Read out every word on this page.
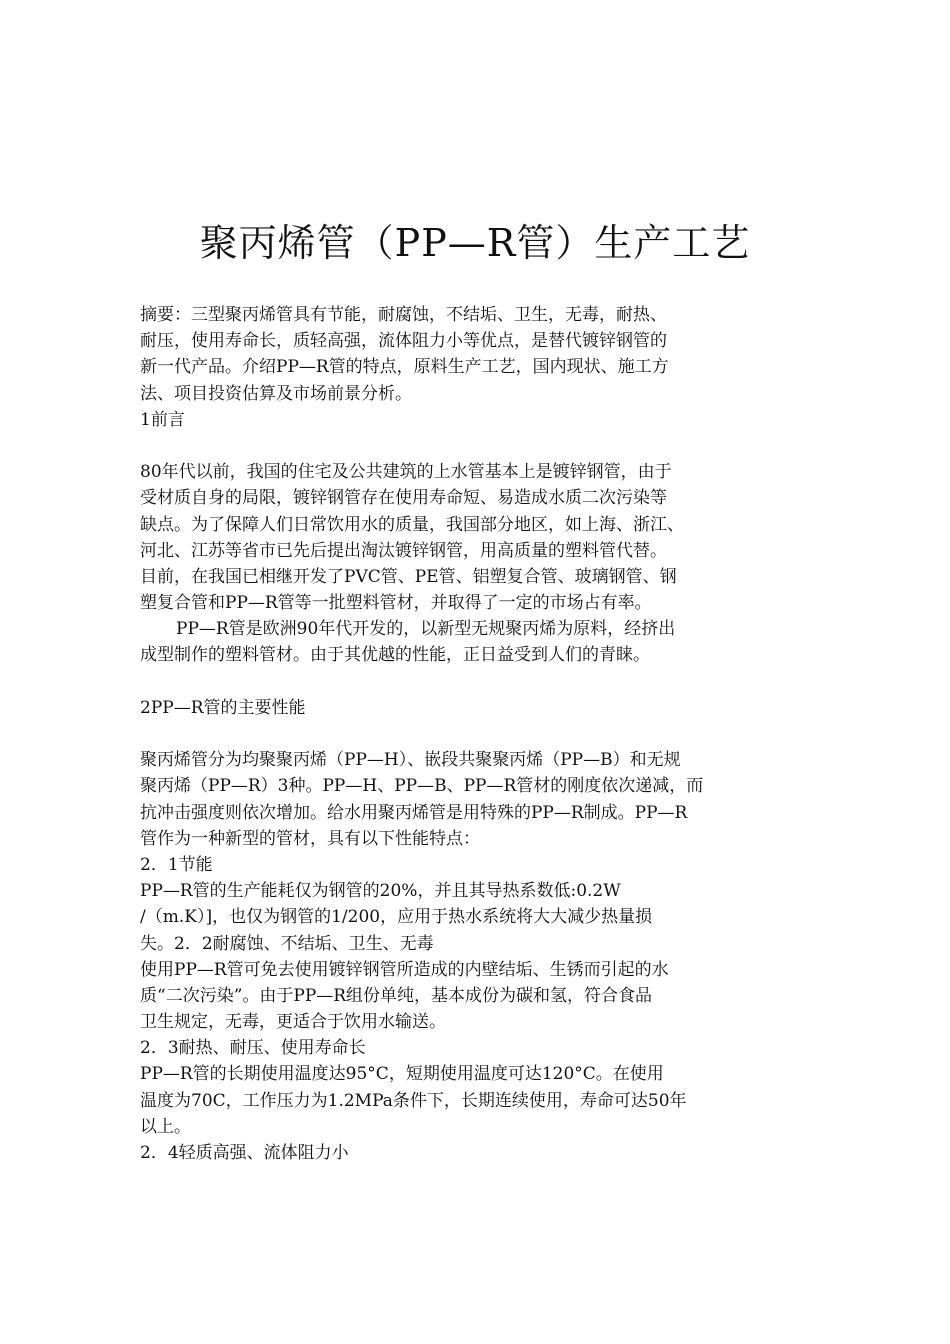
聚丙烯管（PP—R管）生产工艺
摘要：三型聚丙烯管具有节能，耐腐蚀，不结垢、卫生，无毒，耐热、
耐压，使用寿命长，质轻高强，流体阻力小等优点，是替代镀锌钢管的
新一代产品。介绍PP—R管的特点，原料生产工艺，国内现状、施工方
法、项目投资估算及市场前景分析。
1前言
80年代以前，我国的住宅及公共建筑的上水管基本上是镀锌钢管，由于
受材质自身的局限，镀锌钢管存在使用寿命短、易造成水质二次污染等
缺点。为了保障人们日常饮用水的质量，我国部分地区，如上海、浙江、
河北、江苏等省市已先后提出淘汰镀锌钢管，用高质量的塑料管代替。
目前，在我国已相继开发了PVC管、PE管、铝塑复合管、玻璃钢管、钢
塑复合管和PP—R管等一批塑料管材，并取得了一定的市场占有率。
PP—R管是欧洲90年代开发的，以新型无规聚丙烯为原料，经挤出
成型制作的塑料管材。由于其优越的性能，正日益受到人们的青睐。
2PP—R管的主要性能
聚丙烯管分为均聚聚丙烯（PP—H）、嵌段共聚聚丙烯（PP—B）和无规
聚丙烯（PP—R）3种。PP—H、PP—B、PP—R管材的刚度依次递减，而
抗冲击强度则依次增加。给水用聚丙烯管是用特殊的PP—R制成。PP—R
管作为一种新型的管材，具有以下性能特点：
2．1节能
PP—R管的生产能耗仅为钢管的20%，并且其导热系数低:0.2W
/（m.K）]，也仅为钢管的1/200，应用于热水系统将大大减少热量损
失。2．2耐腐蚀、不结垢、卫生、无毒
使用PP—R管可免去使用镀锌钢管所造成的内壁结垢、生锈而引起的水
质“二次污染”。由于PP—R组份单纯，基本成份为碳和氢，符合食品
卫生规定，无毒，更适合于饮用水输送。
2．3耐热、耐压、使用寿命长
PP—R管的长期使用温度达95°C，短期使用温度可达120°C。在使用
温度为70C，工作压力为1.2MPa条件下，长期连续使用，寿命可达50年
以上。
2．4轻质高强、流体阻力小
